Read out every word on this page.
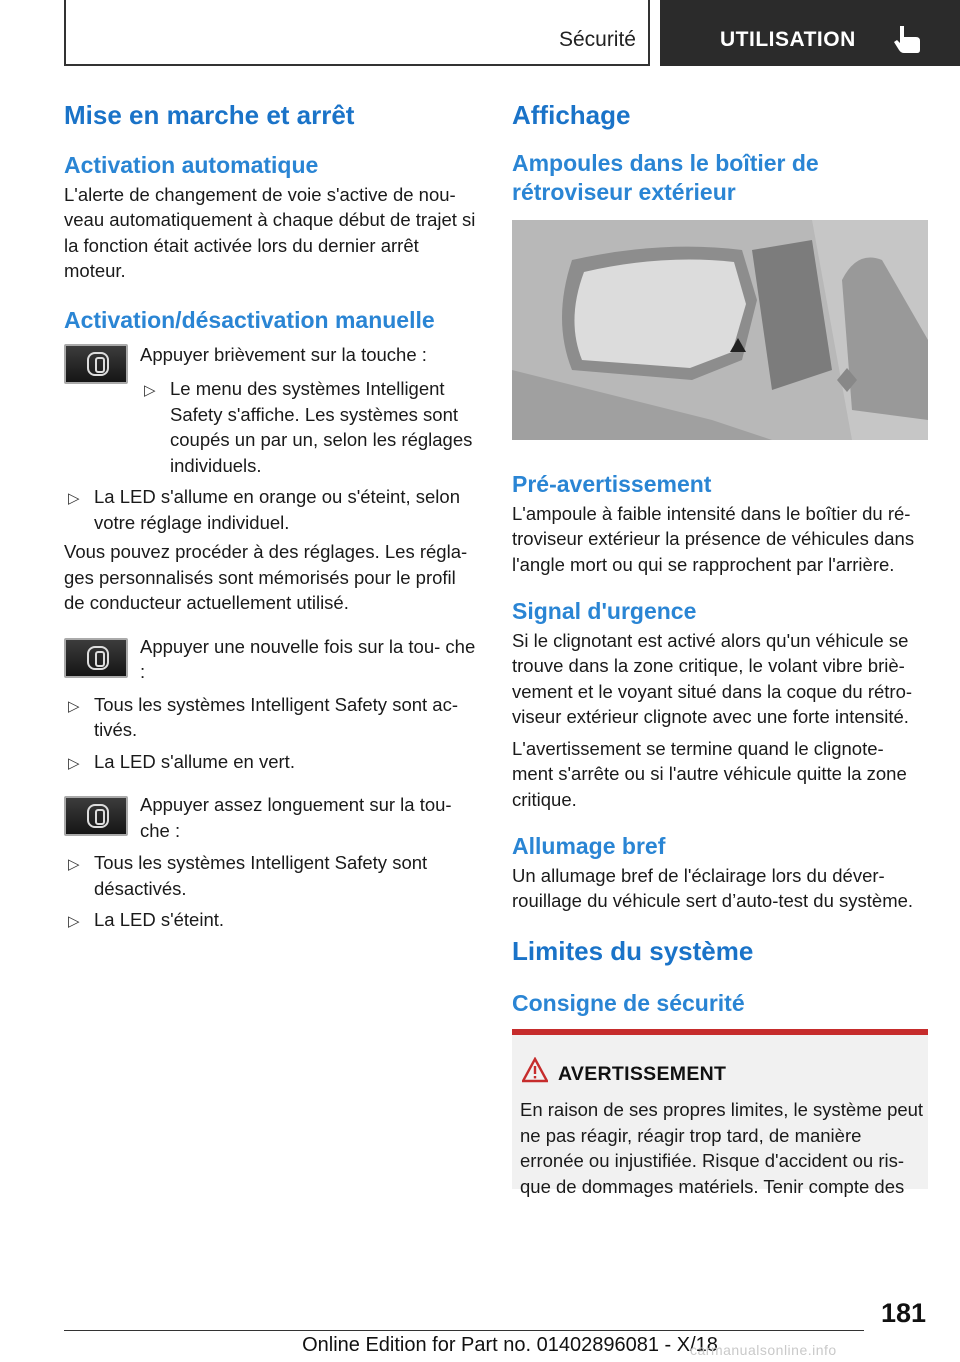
Sécurité	UTILISATION
Mise en marche et arrêt
Activation automatique
L'alerte de changement de voie s'active de nou- veau automatiquement à chaque début de trajet si la fonction était activée lors du dernier arrêt moteur.
Activation/désactivation manuelle
Appuyer brièvement sur la touche :
▷ Le menu des systèmes Intelligent Safety s'affiche. Les systèmes sont coupés un par un, selon les réglages individuels.
▷ La LED s'allume en orange ou s'éteint, selon votre réglage individuel.
Vous pouvez procéder à des réglages. Les régla- ges personnalisés sont mémorisés pour le profil de conducteur actuellement utilisé.
Appuyer une nouvelle fois sur la tou- che :
▷ Tous les systèmes Intelligent Safety sont ac- tivés.
▷ La LED s'allume en vert.
Appuyer assez longuement sur la tou- che :
▷ Tous les systèmes Intelligent Safety sont désactivés.
▷ La LED s'éteint.
Affichage
Ampoules dans le boîtier de rétroviseur extérieur
Pré-avertissement
L'ampoule à faible intensité dans le boîtier du ré- troviseur extérieur la présence de véhicules dans l'angle mort ou qui se rapprochent par l'arrière.
Signal d'urgence
Si le clignotant est activé alors qu'un véhicule se trouve dans la zone critique, le volant vibre briè- vement et le voyant situé dans la coque du rétro- viseur extérieur clignote avec une forte intensité.
L'avertissement se termine quand le clignote- ment s'arrête ou si l'autre véhicule quitte la zone critique.
Allumage bref
Un allumage bref de l'éclairage lors du déver- rouillage du véhicule sert d’auto-test du système.
Limites du système
Consigne de sécurité
AVERTISSEMENT
En raison de ses propres limites, le système peut ne pas réagir, réagir trop tard, de manière erronée ou injustifiée. Risque d'accident ou ris- que de dommages matériels. Tenir compte des
181
Online Edition for Part no. 01402896081 - X/18
carmanualsonline.info
